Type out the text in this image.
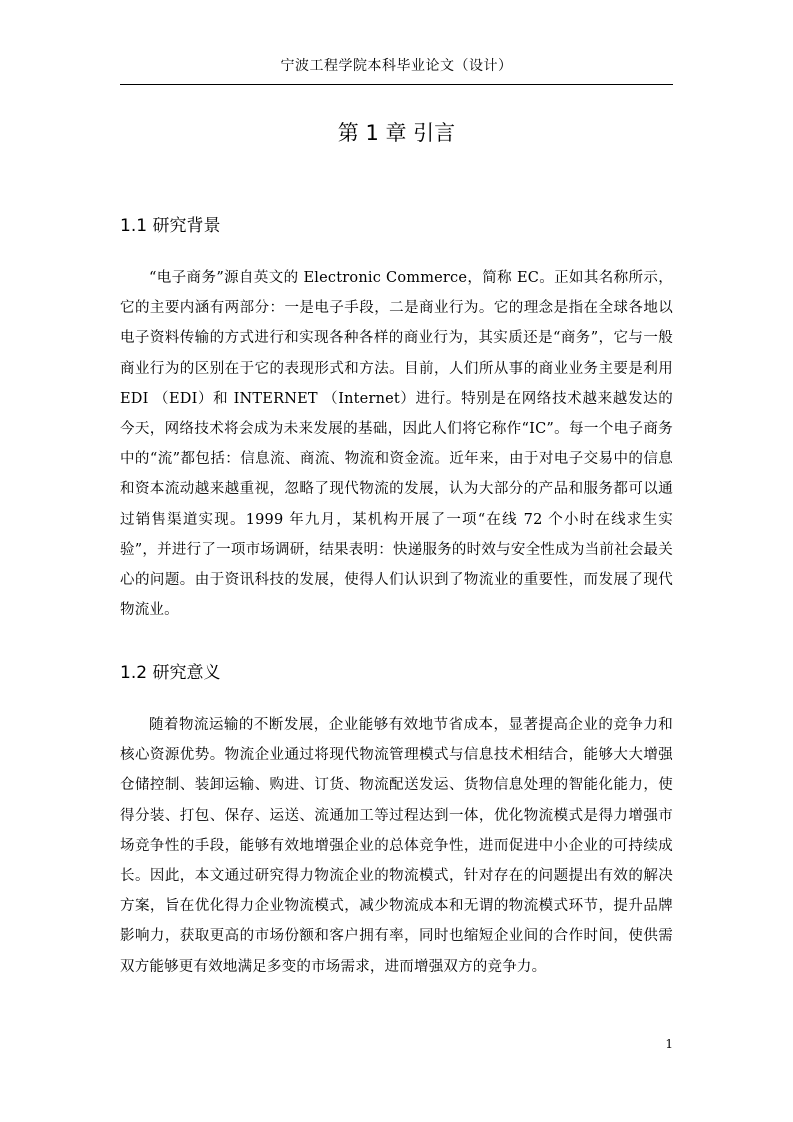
宁波工程学院本科毕业论文（设计）
第 1 章 引言
1.1 研究背景

“电子商务”源自英文的 Electronic Commerce，简称 EC。正如其名称所示，它的主要内涵有两部分：一是电子手段，二是商业行为。它的理念是指在全球各地以电子资料传输的方式进行和实现各种各样的商业行为，其实质还是“商务”，它与一般商业行为的区别在于它的表现形式和方法。目前，人们所从事的商业业务主要是利用 EDI （EDI）和 INTERNET （Internet）进行。特别是在网络技术越来越发达的今天，网络技术将会成为未来发展的基础，因此人们将它称作“IC”。每一个电子商务中的“流”都包括：信息流、商流、物流和资金流。近年来，由于对电子交易中的信息和资本流动越来越重视，忽略了现代物流的发展，认为大部分的产品和服务都可以通过销售渠道实现。1999 年九月，某机构开展了一项“在线 72 个小时在线求生实验”，并进行了一项市场调研，结果表明：快递服务的时效与安全性成为当前社会最关心的问题。由于资讯科技的发展，使得人们认识到了物流业的重要性，而发展了现代物流业。

1.2 研究意义

随着物流运输的不断发展，企业能够有效地节省成本，显著提高企业的竞争力和核心资源优势。物流企业通过将现代物流管理模式与信息技术相结合，能够大大增强仓储控制、装卸运输、购进、订货、物流配送发运、货物信息处理的智能化能力，使得分装、打包、保存、运送、流通加工等过程达到一体，优化物流模式是得力增强市场竞争性的手段，能够有效地增强企业的总体竞争性，进而促进中小企业的可持续成长。因此，本文通过研究得力物流企业的物流模式，针对存在的问题提出有效的解决方案，旨在优化得力企业物流模式，减少物流成本和无谓的物流模式环节，提升品牌影响力，获取更高的市场份额和客户拥有率，同时也缩短企业间的合作时间，使供需双方能够更有效地满足多变的市场需求，进而增强双方的竞争力。

1
